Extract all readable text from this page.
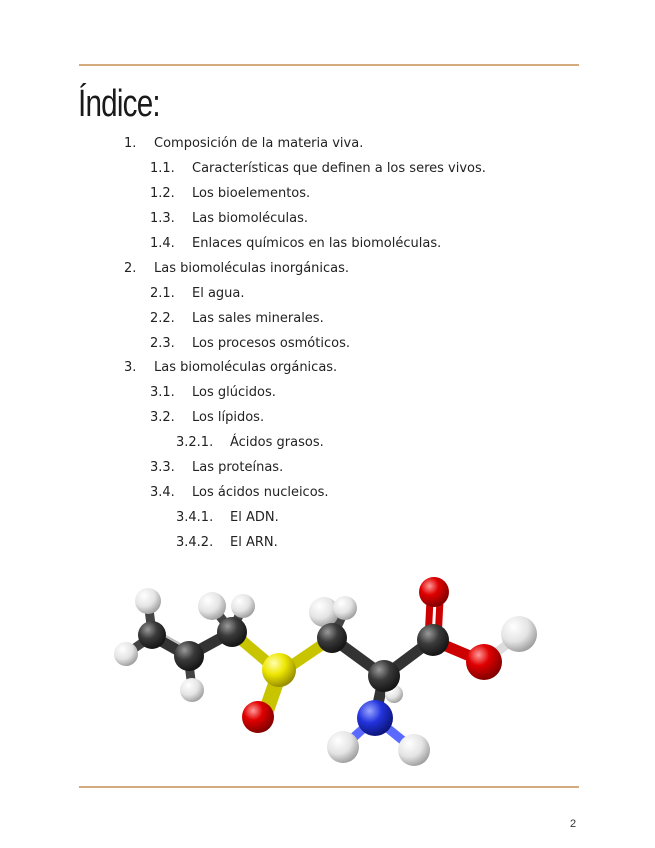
Índice:
1. Composición de la materia viva.
1.1. Características que definen a los seres vivos.
1.2. Los bioelementos.
1.3. Las biomoléculas.
1.4. Enlaces químicos en las biomoléculas.
2. Las biomoléculas inorgánicas.
2.1. El agua.
2.2. Las sales minerales.
2.3. Los procesos osmóticos.
3. Las biomoléculas orgánicas.
3.1. Los glúcidos.
3.2. Los lípidos.
3.2.1. Ácidos grasos.
3.3. Las proteínas.
3.4. Los ácidos nucleicos.
3.4.1. El ADN.
3.4.2. El ARN.
2
